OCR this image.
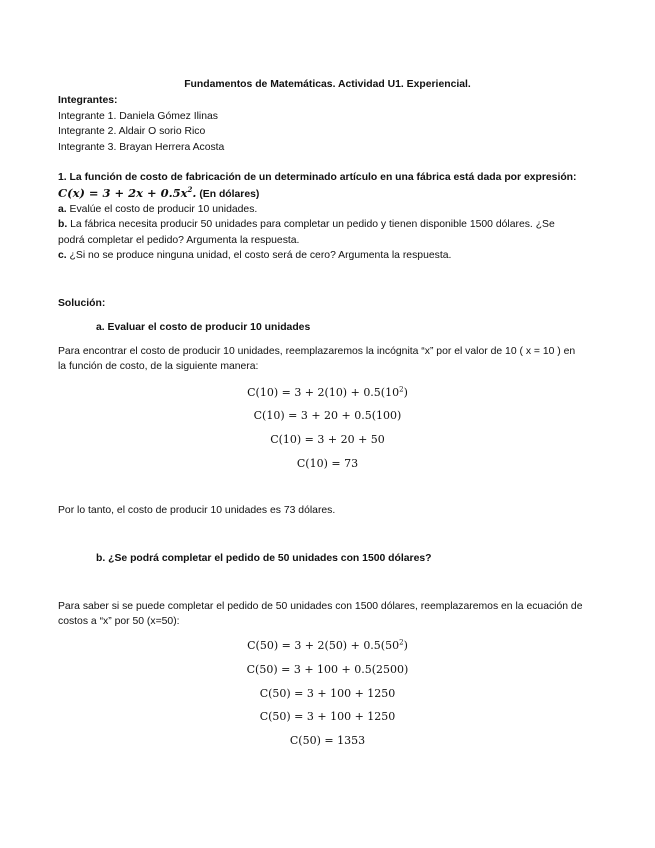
Fundamentos de Matemáticas. Actividad U1. Experiencial.
Integrantes:
Integrante 1. Daniela Gómez Ilinas
Integrante 2. Aldair O sorio Rico
Integrante 3. Brayan Herrera Acosta
1. La función de costo de fabricación de un determinado artículo en una fábrica está dada por expresión:
$C(x) = 3 + 2x + 0.5x^2$. (En dólares)
a. Evalúe el costo de producir 10 unidades.
b. La fábrica necesita producir 50 unidades para completar un pedido y tienen disponible 1500 dólares. ¿Se
podrá completar el pedido? Argumenta la respuesta.
c. ¿Si no se produce ninguna unidad, el costo será de cero? Argumenta la respuesta.
Solución:
a. Evaluar el costo de producir 10 unidades
Para encontrar el costo de producir 10 unidades, reemplazaremos la incógnita “x” por el valor de 10 ( x = 10 ) en
la función de costo, de la siguiente manera:
$C(10) = 3 + 2(10) + 0.5(10^2)$
C(10) = 3 + 20 + 0.5(100)
C(10) = 3 + 20 + 50
C(10) = 73
Por lo tanto, el costo de producir 10 unidades es 73 dólares.
b. ¿Se podrá completar el pedido de 50 unidades con 1500 dólares?
Para saber si se puede completar el pedido de 50 unidades con 1500 dólares, reemplazaremos en la ecuación de
costos a “x” por 50 (x=50):
$C(50) = 3 + 2(50) + 0.5(50^2)$
C(50) = 3 + 100 + 0.5(2500)
C(50) = 3 + 100 + 1250
C(50) = 3 + 100 + 1250
C(50) = 1353
